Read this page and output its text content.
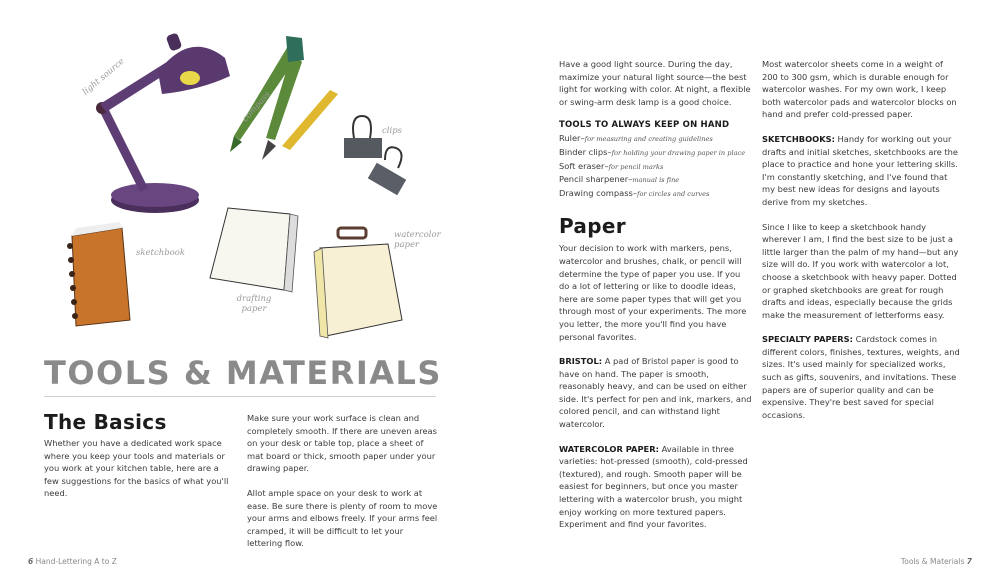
light source
compass
clips
sketchbook
drafting paper
watercolor paper
TOOLS & MATERIALS
The Basics

Whether you have a dedicated work space where you keep your tools and materials or you work at your kitchen table, here are a few suggestions for the basics of what you'll need.

Make sure your work surface is clean and completely smooth. If there are uneven areas on your desk or table top, place a sheet of mat board or thick, smooth paper under your drawing paper.

Allot ample space on your desk to work at ease. Be sure there is plenty of room to move your arms and elbows freely. If your arms feel cramped, it will be difficult to let your lettering flow.

6 Hand-Lettering A to Z

Have a good light source. During the day, maximize your natural light source—the best light for working with color. At night, a flexible or swing-arm desk lamp is a good choice.

TOOLS TO ALWAYS KEEP ON HAND
Ruler–for measuring and creating guidelines
Binder clips–for holding your drawing paper in place
Soft eraser–for pencil marks
Pencil sharpener–manual is fine
Drawing compass–for circles and curves
Paper

Your decision to work with markers, pens, watercolor and brushes, chalk, or pencil will determine the type of paper you use. If you do a lot of lettering or like to doodle ideas, here are some paper types that will get you through most of your experiments. The more you letter, the more you'll find you have personal favorites.

BRISTOL: A pad of Bristol paper is good to have on hand. The paper is smooth, reasonably heavy, and can be used on either side. It's perfect for pen and ink, markers, and colored pencil, and can withstand light watercolor.

WATERCOLOR PAPER: Available in three varieties: hot-pressed (smooth), cold-pressed (textured), and rough. Smooth paper will be easiest for beginners, but once you master lettering with a watercolor brush, you might enjoy working on more textured papers. Experiment and find your favorites.

Most watercolor sheets come in a weight of 200 to 300 gsm, which is durable enough for watercolor washes. For my own work, I keep both watercolor pads and watercolor blocks on hand and prefer cold-pressed paper.

SKETCHBOOKS: Handy for working out your drafts and initial sketches, sketchbooks are the place to practice and hone your lettering skills. I'm constantly sketching, and I've found that my best new ideas for designs and layouts derive from my sketches.

Since I like to keep a sketchbook handy wherever I am, I find the best size to be just a little larger than the palm of my hand—but any size will do. If you work with watercolor a lot, choose a sketchbook with heavy paper. Dotted or graphed sketchbooks are great for rough drafts and ideas, especially because the grids make the measurement of letterforms easy.

SPECIALTY PAPERS: Cardstock comes in different colors, finishes, textures, weights, and sizes. It's used mainly for specialized works, such as gifts, souvenirs, and invitations. These papers are of superior quality and can be expensive. They're best saved for special occasions.

Tools & Materials 7
